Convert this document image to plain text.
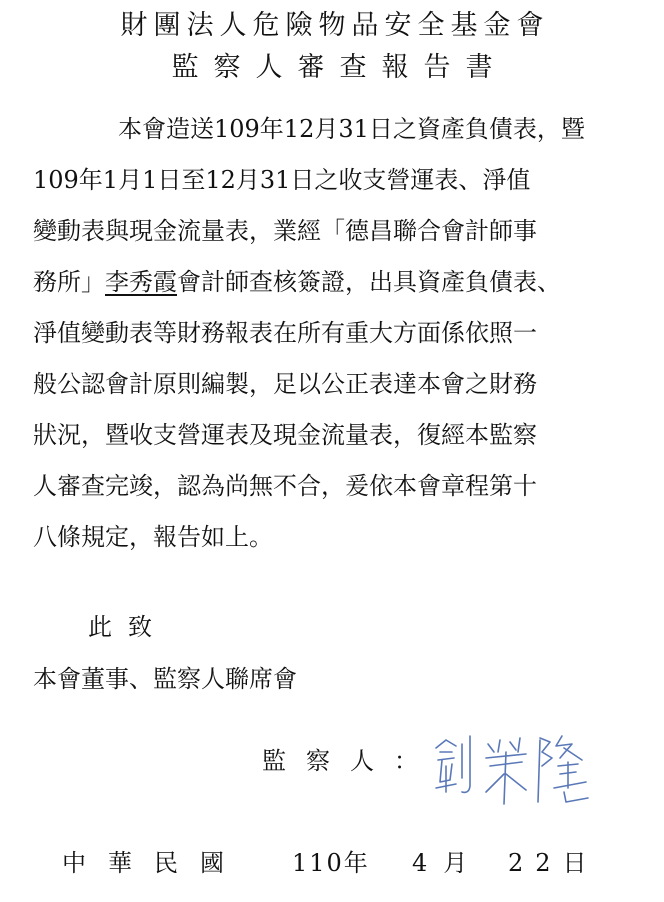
財團法人危險物品安全基金會
監察人審查報告書
本會造送109年12月31日之資產負債表，暨
109年1月1日至12月31日之收支營運表、淨值
變動表與現金流量表，業經「德昌聯合會計師事
務所」李秀霞會計師查核簽證，出具資產負債表、
淨值變動表等財務報表在所有重大方面係依照一
般公認會計原則編製，足以公正表達本會之財務
狀況，暨收支營運表及現金流量表，復經本監察
人審查完竣，認為尚無不合，爰依本會章程第十
八條規定，報告如上。
此致
本會董事、監察人聯席會
監察人：
中華民國 110年 4月 22日
